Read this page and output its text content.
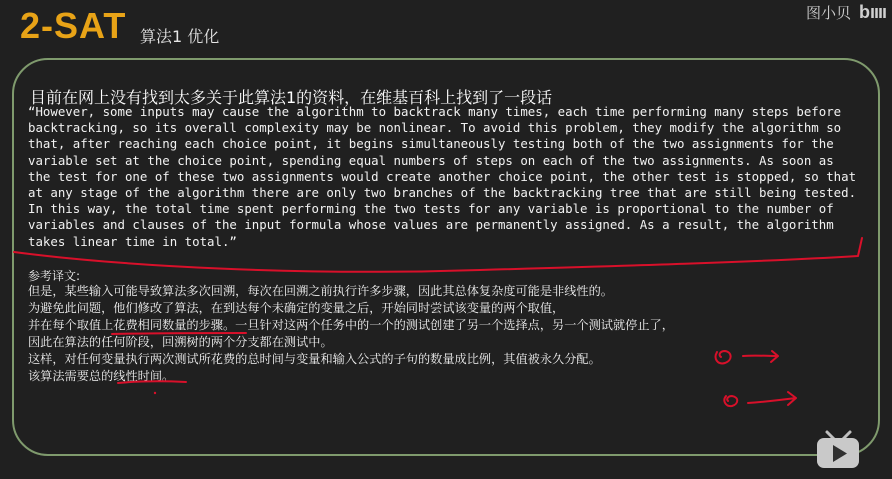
2-SAT 算法1 优化
图小贝 bıııı
目前在网上没有找到太多关于此算法1的资料，在维基百科上找到了一段话
“However, some inputs may cause the algorithm to backtrack many times, each time performing many steps before
backtracking, so its overall complexity may be nonlinear. To avoid this problem, they modify the algorithm so
that, after reaching each choice point, it begins simultaneously testing both of the two assignments for the
variable set at the choice point, spending equal numbers of steps on each of the two assignments. As soon as
the test for one of these two assignments would create another choice point, the other test is stopped, so that
at any stage of the algorithm there are only two branches of the backtracking tree that are still being tested.
In this way, the total time spent performing the two tests for any variable is proportional to the number of
variables and clauses of the input formula whose values are permanently assigned. As a result, the algorithm
takes linear time in total.”
参考译文:
但是，某些输入可能导致算法多次回溯，每次在回溯之前执行许多步骤，因此其总体复杂度可能是非线性的。
为避免此问题，他们修改了算法，在到达每个未确定的变量之后，开始同时尝试该变量的两个取值，
并在每个取值上花费相同数量的步骤。一旦针对这两个任务中的一个的测试创建了另一个选择点，另一个测试就停止了，
因此在算法的任何阶段，回溯树的两个分支都在测试中。
这样，对任何变量执行两次测试所花费的总时间与变量和输入公式的子句的数量成比例，其值被永久分配。
该算法需要总的线性时间。
